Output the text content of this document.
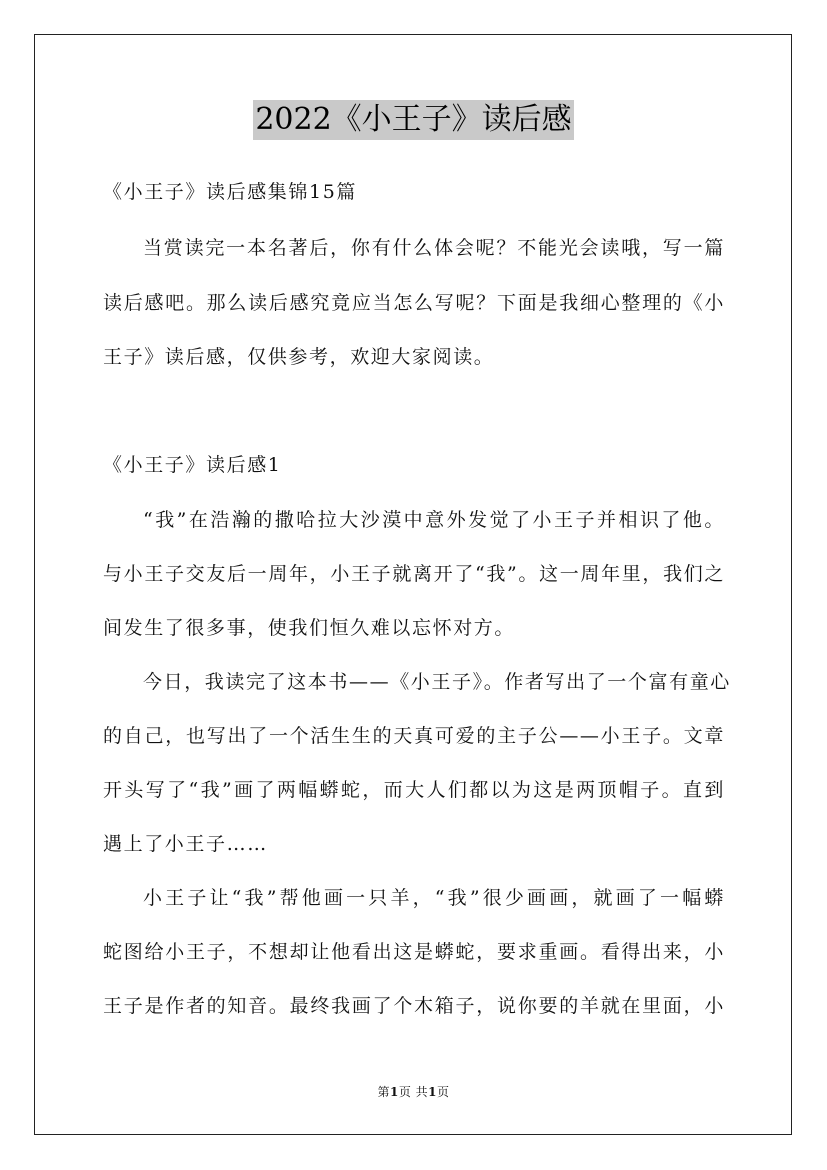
2022《小王子》读后感
《小王子》读后感集锦15篇
当赏读完一本名著后，你有什么体会呢？不能光会读哦，写一篇
读后感吧。那么读后感究竟应当怎么写呢？下面是我细心整理的《小
王子》读后感，仅供参考，欢迎大家阅读。
《小王子》读后感1
“我”在浩瀚的撒哈拉大沙漠中意外发觉了小王子并相识了他。
与小王子交友后一周年，小王子就离开了“我”。这一周年里，我们之
间发生了很多事，使我们恒久难以忘怀对方。
今日，我读完了这本书——《小王子》。作者写出了一个富有童心
的自己，也写出了一个活生生的天真可爱的主子公——小王子。文章
开头写了“我”画了两幅蟒蛇，而大人们都以为这是两顶帽子。直到
遇上了小王子……
小王子让“我”帮他画一只羊，“我”很少画画，就画了一幅蟒
蛇图给小王子，不想却让他看出这是蟒蛇，要求重画。看得出来，小
王子是作者的知音。最终我画了个木箱子，说你要的羊就在里面，小
第1页 共1页
